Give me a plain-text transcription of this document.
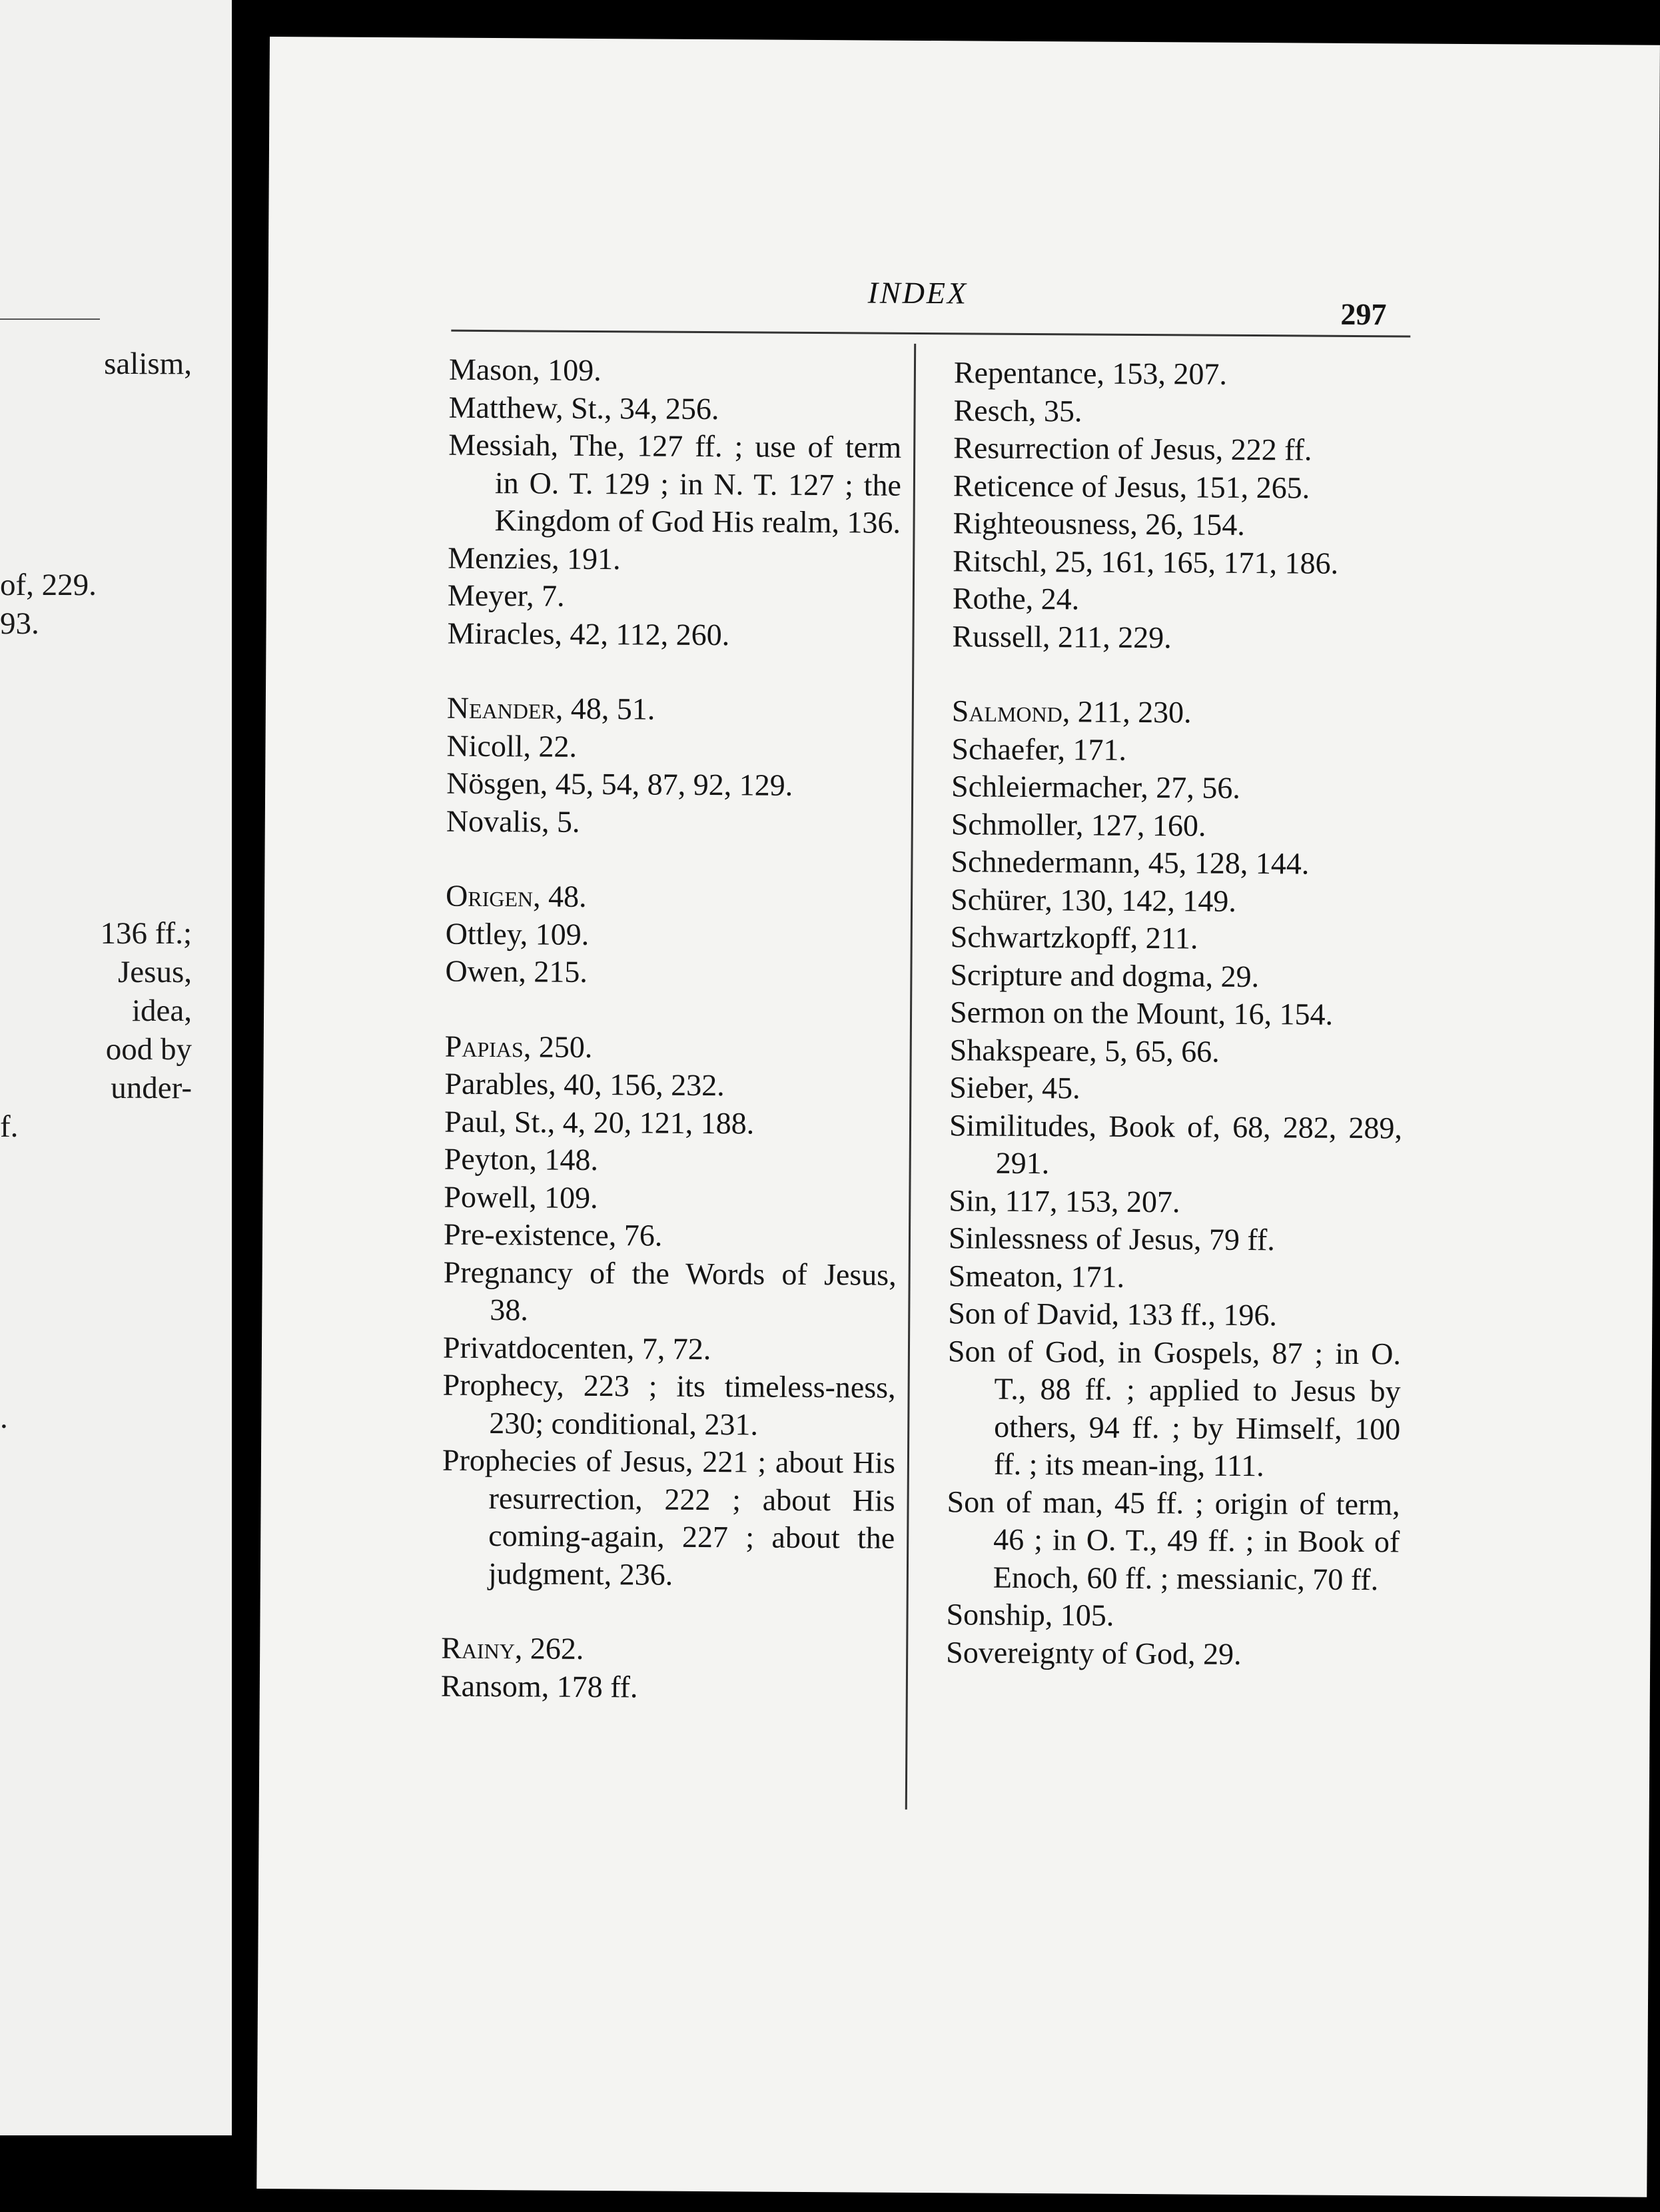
salism,
of, 229.
93.
136 ff.;
Jesus,
idea,
ood by
under-
f.
.
INDEX
297

Mason, 109.

Matthew, St., 34, 256.

Messiah, The, 127 ff. ; use of term in O. T. 129 ; in N. T. 127 ; the Kingdom of God His realm, 136.

Menzies, 191.

Meyer, 7.

Miracles, 42, 112, 260.

Neander, 48, 51.

Nicoll, 22.

Nösgen, 45, 54, 87, 92, 129.

Novalis, 5.

Origen, 48.

Ottley, 109.

Owen, 215.

Papias, 250.

Parables, 40, 156, 232.

Paul, St., 4, 20, 121, 188.

Peyton, 148.

Powell, 109.

Pre-existence, 76.

Pregnancy of the Words of Jesus, 38.

Privatdocenten, 7, 72.

Prophecy, 223 ; its timeless-ness, 230; conditional, 231.

Prophecies of Jesus, 221 ; about His resurrection, 222 ; about His coming-again, 227 ; about the judgment, 236.

Rainy, 262.

Ransom, 178 ff.

Repentance, 153, 207.

Resch, 35.

Resurrection of Jesus, 222 ff.

Reticence of Jesus, 151, 265.

Righteousness, 26, 154.

Ritschl, 25, 161, 165, 171, 186.

Rothe, 24.

Russell, 211, 229.

Salmond, 211, 230.

Schaefer, 171.

Schleiermacher, 27, 56.

Schmoller, 127, 160.

Schnedermann, 45, 128, 144.

Schürer, 130, 142, 149.

Schwartzkopff, 211.

Scripture and dogma, 29.

Sermon on the Mount, 16, 154.

Shakspeare, 5, 65, 66.

Sieber, 45.

Similitudes, Book of, 68, 282, 289, 291.

Sin, 117, 153, 207.

Sinlessness of Jesus, 79 ff.

Smeaton, 171.

Son of David, 133 ff., 196.

Son of God, in Gospels, 87 ; in O. T., 88 ff. ; applied to Jesus by others, 94 ff. ; by Himself, 100 ff. ; its mean-ing, 111.

Son of man, 45 ff. ; origin of term, 46 ; in O. T., 49 ff. ; in Book of Enoch, 60 ff. ; messianic, 70 ff.

Sonship, 105.

Sovereignty of God, 29.
